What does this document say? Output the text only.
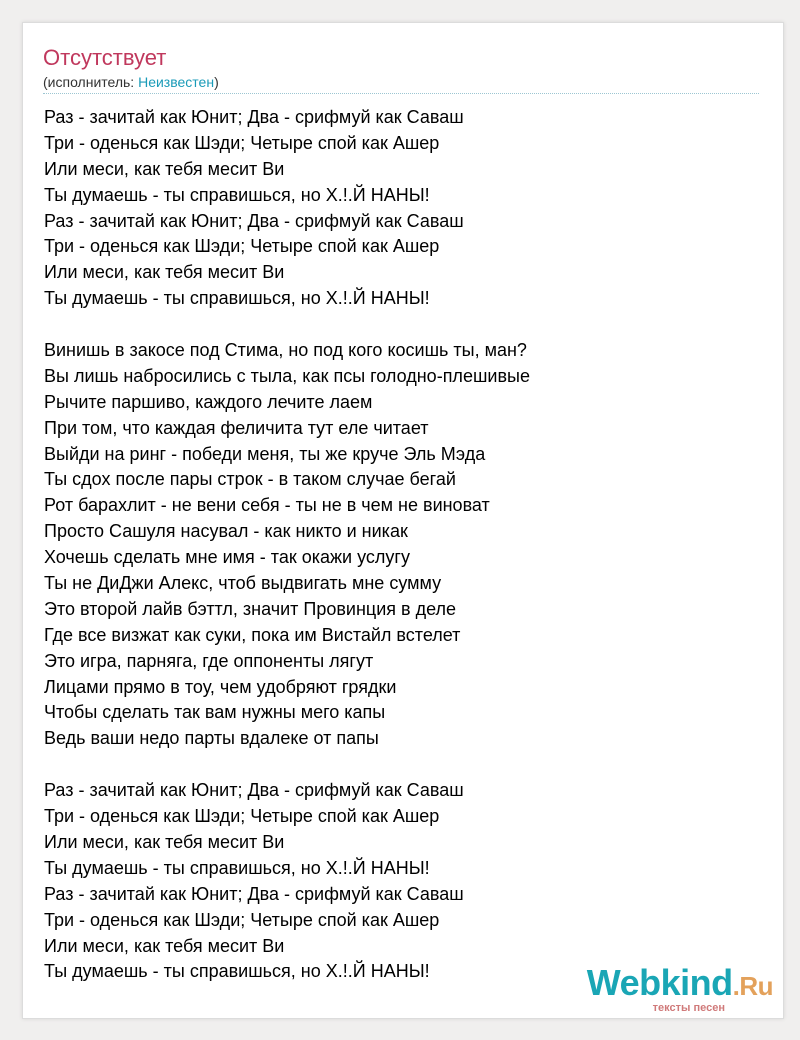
Отсутствует
(исполнитель: Неизвестен)
Раз - зачитай как Юнит; Два - срифмуй как Саваш
Три - оденься как Шэди; Четыре спой как Ашер
Или меси, как тебя месит Ви
Ты думаешь - ты справишься, но Х.!.Й НАНЫ!
Раз - зачитай как Юнит; Два - срифмуй как Саваш
Три - оденься как Шэди; Четыре спой как Ашер
Или меси, как тебя месит Ви
Ты думаешь - ты справишься, но Х.!.Й НАНЫ!
Винишь в закосе под Стима, но под кого косишь ты, ман?
Вы лишь набросились с тыла, как псы голодно-плешивые
Рычите паршиво, каждого лечите лаем
При том, что каждая феличита тут еле читает
Выйди на ринг - победи меня, ты же круче Эль Мэда
Ты сдох после пары строк - в таком случае бегай
Рот барахлит - не вени себя - ты не в чем не виноват
Просто Сашуля насувал - как никто и никак
Хочешь сделать мне имя - так окажи услугу
Ты не ДиДжи Алекс, чтоб выдвигать мне сумму
Это второй лайв бэттл, значит Провинция в деле
Где все визжат как суки, пока им Вистайл встелет
Это игра, парняга, где оппоненты лягут
Лицами прямо в тоу, чем удобряют грядки
Чтобы сделать так вам нужны мего капы
Ведь ваши недо парты вдалеке от папы
Раз - зачитай как Юнит; Два - срифмуй как Саваш
Три - оденься как Шэди; Четыре спой как Ашер
Или меси, как тебя месит Ви
Ты думаешь - ты справишься, но Х.!.Й НАНЫ!
Раз - зачитай как Юнит; Два - срифмуй как Саваш
Три - оденься как Шэди; Четыре спой как Ашер
Или меси, как тебя месит Ви
Ты думаешь - ты справишься, но Х.!.Й НАНЫ!	Webkind.Ru
тексты песен
